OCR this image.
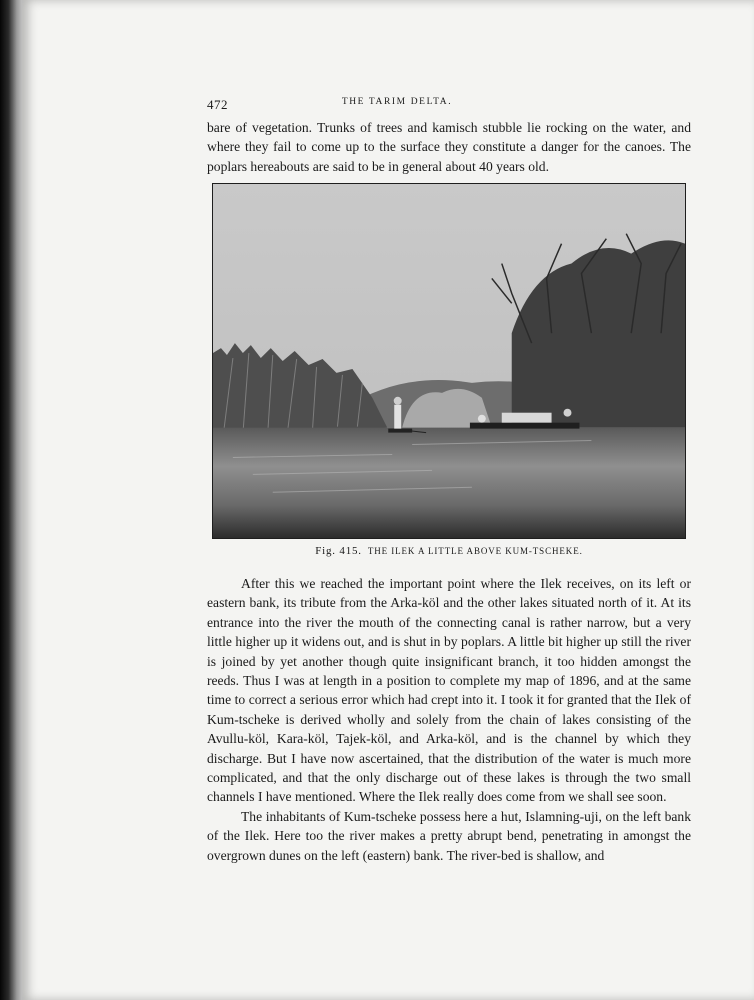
472	THE TARIM DELTA.

bare of vegetation. Trunks of trees and kamisch stubble lie rocking on the water, and where they fail to come up to the surface they constitute a danger for the canoes. The poplars hereabouts are said to be in general about 40 years old.

Fig. 415. THE ILEK A LITTLE ABOVE KUM-TSCHEKE.

After this we reached the important point where the Ilek receives, on its left or eastern bank, its tribute from the Arka-köl and the other lakes situated north of it. At its entrance into the river the mouth of the connecting canal is rather narrow, but a very little higher up it widens out, and is shut in by poplars. A little bit higher up still the river is joined by yet another though quite insignificant branch, it too hidden amongst the reeds. Thus I was at length in a position to complete my map of 1896, and at the same time to correct a serious error which had crept into it. I took it for granted that the Ilek of Kum-tscheke is derived wholly and solely from the chain of lakes consisting of the Avullu-köl, Kara-köl, Tajek-köl, and Arka-köl, and is the channel by which they discharge. But I have now ascertained, that the distribution of the water is much more complicated, and that the only discharge out of these lakes is through the two small channels I have mentioned. Where the Ilek really does come from we shall see soon.

The inhabitants of Kum-tscheke possess here a hut, Islamning-uji, on the left bank of the Ilek. Here too the river makes a pretty abrupt bend, penetrating in amongst the overgrown dunes on the left (eastern) bank. The river-bed is shallow, and
